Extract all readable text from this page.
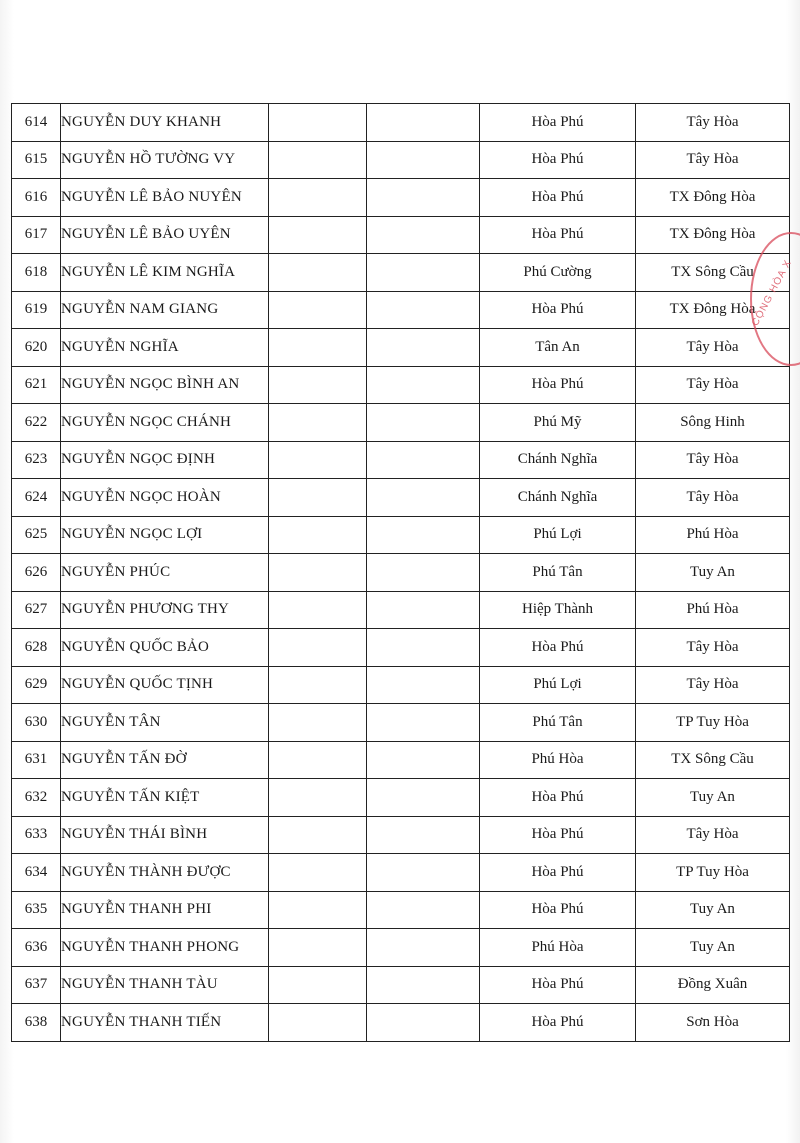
614	NGUYỄN DUY KHANH			Hòa Phú	Tây Hòa
615	NGUYỄN HỒ TƯỜNG VY			Hòa Phú	Tây Hòa
616	NGUYỄN LÊ BẢO NUYÊN			Hòa Phú	TX Đông Hòa
617	NGUYỄN LÊ BẢO UYÊN			Hòa Phú	TX Đông Hòa
618	NGUYỄN LÊ KIM NGHĨA			Phú Cường	TX Sông Cầu
619	NGUYỄN NAM GIANG			Hòa Phú	TX Đông Hòa
620	NGUYỄN NGHĨA			Tân An	Tây Hòa
621	NGUYỄN NGỌC BÌNH AN			Hòa Phú	Tây Hòa
622	NGUYỄN NGỌC CHÁNH			Phú Mỹ	Sông Hinh
623	NGUYỄN NGỌC ĐỊNH			Chánh Nghĩa	Tây Hòa
624	NGUYỄN NGỌC HOÀN			Chánh Nghĩa	Tây Hòa
625	NGUYỄN NGỌC LỢI			Phú Lợi	Phú Hòa
626	NGUYỄN PHÚC			Phú Tân	Tuy An
627	NGUYỄN PHƯƠNG THY			Hiệp Thành	Phú Hòa
628	NGUYỄN QUỐC BẢO			Hòa Phú	Tây Hòa
629	NGUYỄN QUỐC TỊNH			Phú Lợi	Tây Hòa
630	NGUYỄN TÂN			Phú Tân	TP Tuy Hòa
631	NGUYỄN TẤN ĐỜ			Phú Hòa	TX Sông Cầu
632	NGUYỄN TẤN KIỆT			Hòa Phú	Tuy An
633	NGUYỄN THÁI BÌNH			Hòa Phú	Tây Hòa
634	NGUYỄN THÀNH ĐƯỢC			Hòa Phú	TP Tuy Hòa
635	NGUYỄN THANH PHI			Hòa Phú	Tuy An
636	NGUYỄN THANH PHONG			Phú Hòa	Tuy An
637	NGUYỄN THANH TÀU			Hòa Phú	Đồng Xuân
638	NGUYỄN THANH TIẾN			Hòa Phú	Sơn Hòa
CỘNG HÒA X
